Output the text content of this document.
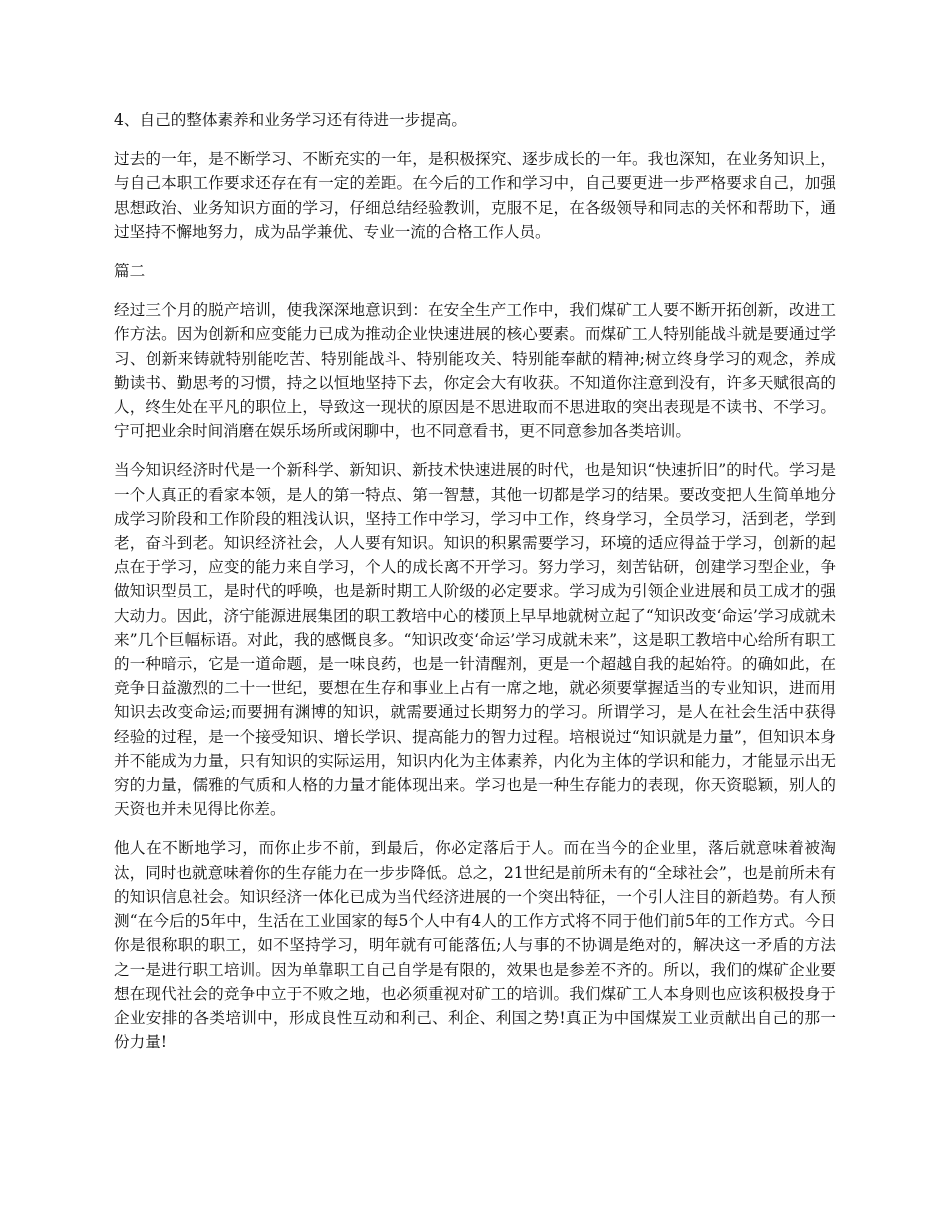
4、自己的整体素养和业务学习还有待进一步提高。

过去的一年，是不断学习、不断充实的一年，是积极探究、逐步成长的一年。我也深知，在业务知识上，与自己本职工作要求还存在有一定的差距。在今后的工作和学习中，自己要更进一步严格要求自己，加强思想政治、业务知识方面的学习，仔细总结经验教训，克服不足，在各级领导和同志的关怀和帮助下，通过坚持不懈地努力，成为品学兼优、专业一流的合格工作人员。

篇二

经过三个月的脱产培训，使我深深地意识到：在安全生产工作中，我们煤矿工人要不断开拓创新，改进工作方法。因为创新和应变能力已成为推动企业快速进展的核心要素。而煤矿工人特别能战斗就是要通过学习、创新来铸就特别能吃苦、特别能战斗、特别能攻关、特别能奉献的精神;树立终身学习的观念，养成勤读书、勤思考的习惯，持之以恒地坚持下去，你定会大有收获。不知道你注意到没有，许多天赋很高的人，终生处在平凡的职位上，导致这一现状的原因是不思进取而不思进取的突出表现是不读书、不学习。宁可把业余时间消磨在娱乐场所或闲聊中，也不同意看书，更不同意参加各类培训。

当今知识经济时代是一个新科学、新知识、新技术快速进展的时代，也是知识“快速折旧”的时代。学习是一个人真正的看家本领，是人的第一特点、第一智慧，其他一切都是学习的结果。要改变把人生简单地分成学习阶段和工作阶段的粗浅认识，坚持工作中学习，学习中工作，终身学习，全员学习，活到老，学到老，奋斗到老。知识经济社会，人人要有知识。知识的积累需要学习，环境的适应得益于学习，创新的起点在于学习，应变的能力来自学习，个人的成长离不开学习。努力学习，刻苦钻研，创建学习型企业，争做知识型员工，是时代的呼唤，也是新时期工人阶级的必定要求。学习成为引领企业进展和员工成才的强大动力。因此，济宁能源进展集团的职工教培中心的楼顶上早早地就树立起了“知识改变‘命运’学习成就未来”几个巨幅标语。对此，我的感慨良多。“知识改变‘命运’学习成就未来”，这是职工教培中心给所有职工的一种暗示，它是一道命题，是一味良药，也是一针清醒剂，更是一个超越自我的起始符。的确如此，在竞争日益激烈的二十一世纪，要想在生存和事业上占有一席之地，就必须要掌握适当的专业知识，进而用知识去改变命运;而要拥有渊博的知识，就需要通过长期努力的学习。所谓学习，是人在社会生活中获得经验的过程，是一个接受知识、增长学识、提高能力的智力过程。培根说过“知识就是力量”，但知识本身并不能成为力量，只有知识的实际运用，知识内化为主体素养，内化为主体的学识和能力，才能显示出无穷的力量，儒雅的气质和人格的力量才能体现出来。学习也是一种生存能力的表现，你天资聪颖，别人的天资也并未见得比你差。

他人在不断地学习，而你止步不前，到最后，你必定落后于人。而在当今的企业里，落后就意味着被淘汰，同时也就意味着你的生存能力在一步步降低。总之，21世纪是前所未有的“全球社会”，也是前所未有的知识信息社会。知识经济一体化已成为当代经济进展的一个突出特征，一个引人注目的新趋势。有人预测“在今后的5年中，生活在工业国家的每5个人中有4人的工作方式将不同于他们前5年的工作方式。今日你是很称职的职工，如不坚持学习，明年就有可能落伍;人与事的不协调是绝对的，解决这一矛盾的方法之一是进行职工培训。因为单靠职工自己自学是有限的，效果也是参差不齐的。所以，我们的煤矿企业要想在现代社会的竞争中立于不败之地，也必须重视对矿工的培训。我们煤矿工人本身则也应该积极投身于企业安排的各类培训中，形成良性互动和利己、利企、利国之势!真正为中国煤炭工业贡献出自己的那一份力量!
